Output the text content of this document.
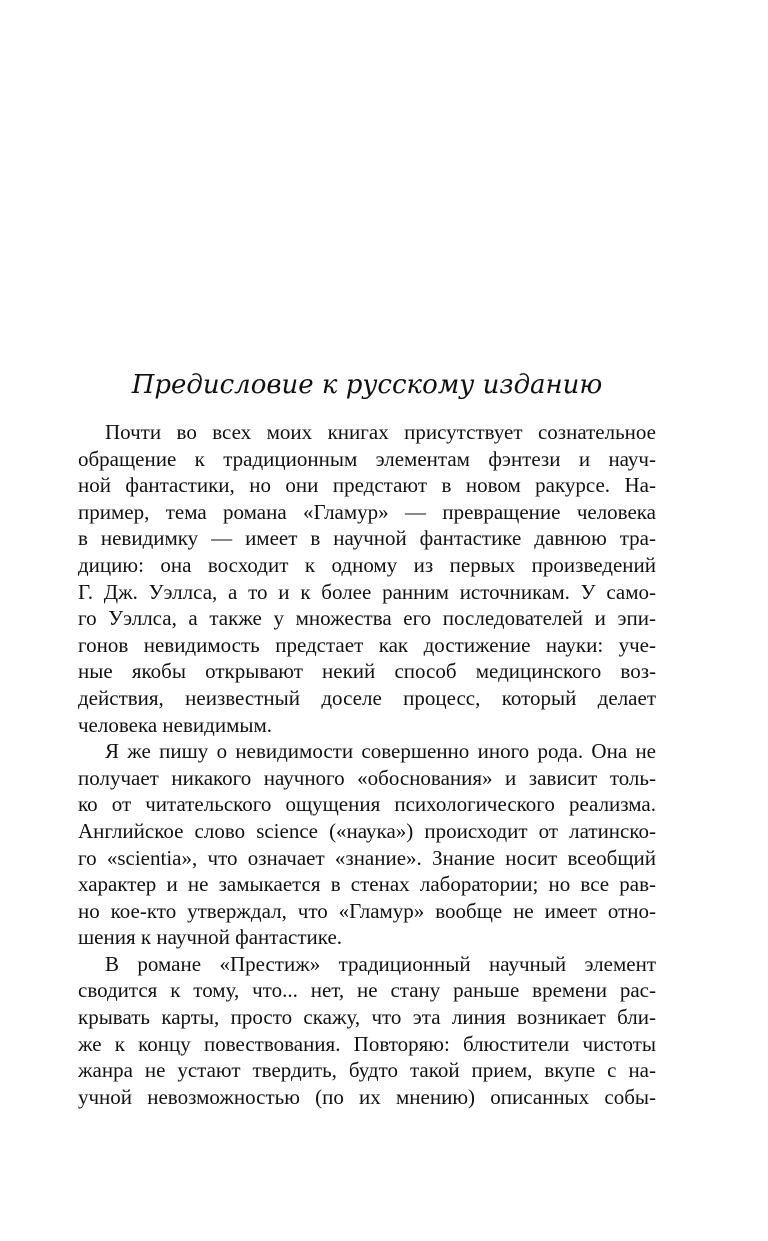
Предисловие к русскому изданию
Почти во всех моих книгах присутствует сознательное
обращение к традиционным элементам фэнтези и науч-
ной фантастики, но они предстают в новом ракурсе. На-
пример, тема романа «Гламур» — превращение человека
в невидимку — имеет в научной фантастике давнюю тра-
дицию: она восходит к одному из первых произведений
Г. Дж. Уэллса, а то и к более ранним источникам. У само-
го Уэллса, а также у множества его последователей и эпи-
гонов невидимость предстает как достижение науки: уче-
ные якобы открывают некий способ медицинского воз-
действия, неизвестный доселе процесс, который делает
человека невидимым.
Я же пишу о невидимости совершенно иного рода. Она не
получает никакого научного «обоснования» и зависит толь-
ко от читательского ощущения психологического реализма.
Английское слово science («наука») происходит от латинско-
го «scientia», что означает «знание». Знание носит всеобщий
характер и не замыкается в стенах лаборатории; но все рав-
но кое-кто утверждал, что «Гламур» вообще не имеет отно-
шения к научной фантастике.
В романе «Престиж» традиционный научный элемент
сводится к тому, что... нет, не стану раньше времени рас-
крывать карты, просто скажу, что эта линия возникает бли-
же к концу повествования. Повторяю: блюстители чистоты
жанра не устают твердить, будто такой прием, вкупе с на-
учной невозможностью (по их мнению) описанных собы-
